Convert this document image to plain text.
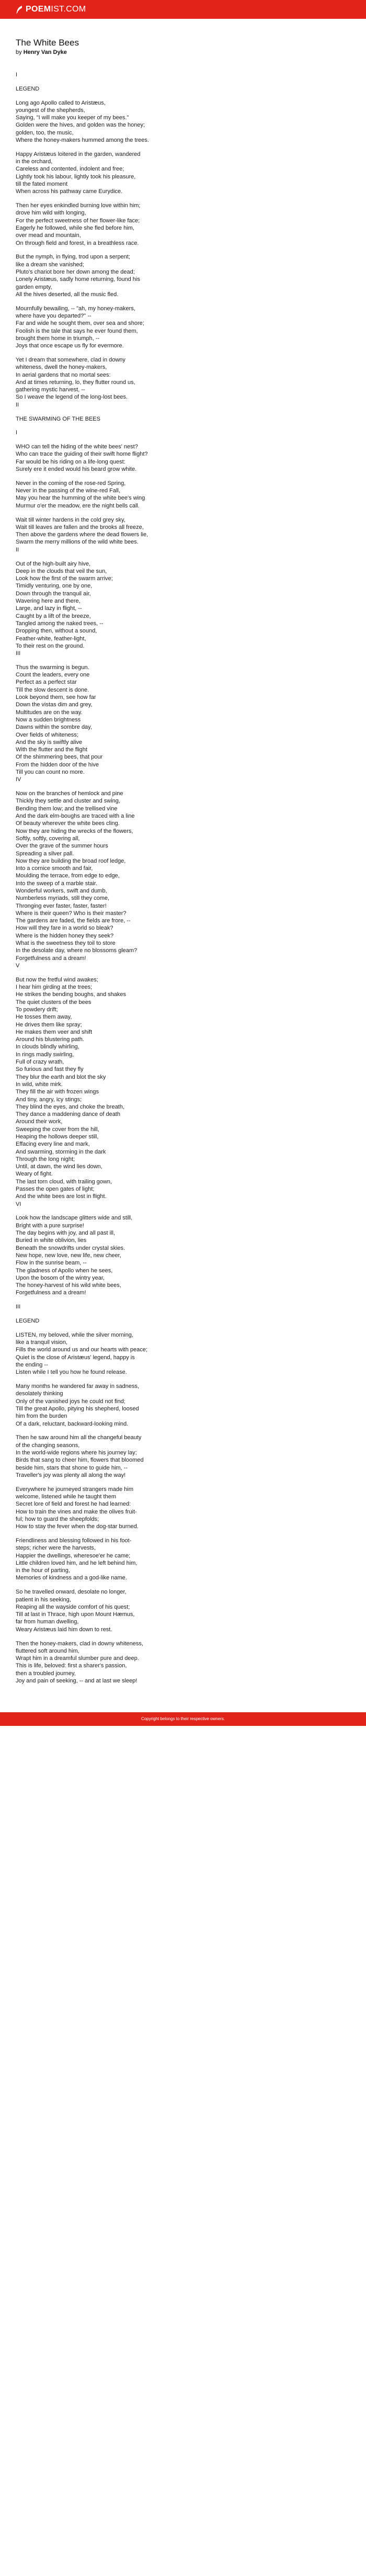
POEM IST.COM
The White Bees

by Henry Van Dyke

I

LEGEND

Long ago Apollo called to Aristæus,
youngest of the shepherds,
Saying, "I will make you keeper of my bees."
Golden were the hives, and golden was the honey;
golden, too, the music,
Where the honey-makers hummed among the trees.

Happy Aristæus loitered in the garden, wandered
in the orchard,
Careless and contented, indolent and free;
Lightly took his labour, lightly took his pleasure,
till the fated moment
When across his pathway came Eurydice.

Then her eyes enkindled burning love within him;
drove him wild with longing,
For the perfect sweetness of her flower-like face;
Eagerly he followed, while she fled before him,
over mead and mountain,
On through field and forest, in a breathless race.

But the nymph, in flying, trod upon a serpent;
like a dream she vanished;
Pluto's chariot bore her down among the dead;
Lonely Aristæus, sadly home returning, found his
garden empty,
All the hives deserted, all the music fled.

Mournfully bewailing, -- "ah, my honey-makers,
where have you departed?" --
Far and wide he sought them, over sea and shore;
Foolish is the tale that says he ever found them,
brought them home in triumph, --
Joys that once escape us fly for evermore.

Yet I dream that somewhere, clad in downy
whiteness, dwell the honey-makers,
In aerial gardens that no mortal sees:
And at times returning, lo, they flutter round us,
gathering mystic harvest, --
So I weave the legend of the long-lost bees.
II

THE SWARMING OF THE BEES

I

WHO can tell the hiding of the white bees' nest?
Who can trace the guiding of their swift home flight?
Far would be his riding on a life-long quest:
Surely ere it ended would his beard grow white.

Never in the coming of the rose-red Spring,
Never in the passing of the wine-red Fall,
May you hear the humming of the white bee's wing
Murmur o'er the meadow, ere the night bells call.

Wait till winter hardens in the cold grey sky,
Wait till leaves are fallen and the brooks all freeze,
Then above the gardens where the dead flowers lie,
Swarm the merry millions of the wild white bees.
II

Out of the high-built airy hive,
Deep in the clouds that veil the sun,
Look how the first of the swarm arrive;
Timidly venturing, one by one,
Down through the tranquil air,
Wavering here and there,
Large, and lazy in flight, --
Caught by a lift of the breeze,
Tangled among the naked trees, --
Dropping then, without a sound,
Feather-white, feather-light,
To their rest on the ground.
III

Thus the swarming is begun.
Count the leaders, every one
Perfect as a perfect star
Till the slow descent is done.
Look beyond them, see how far
Down the vistas dim and grey,
Multitudes are on the way.
Now a sudden brightness
Dawns within the sombre day,
Over fields of whiteness;
And the sky is swiftly alive
With the flutter and the flight
Of the shimmering bees, that pour
From the hidden door of the hive
Till you can count no more.
IV

Now on the branches of hemlock and pine
Thickly they settle and cluster and swing,
Bending them low; and the trellised vine
And the dark elm-boughs are traced with a line
Of beauty wherever the white bees cling.
Now they are hiding the wrecks of the flowers,
Softly, softly, covering all,
Over the grave of the summer hours
Spreading a silver pall.
Now they are building the broad roof ledge,
Into a cornice smooth and fair,
Moulding the terrace, from edge to edge,
Into the sweep of a marble stair.
Wonderful workers, swift and dumb,
Numberless myriads, still they come,
Thronging ever faster, faster, faster!
Where is their queen? Who is their master?
The gardens are faded, the fields are frore, --
How will they fare in a world so bleak?
Where is the hidden honey they seek?
What is the sweetness they toil to store
In the desolate day, where no blossoms gleam?
Forgetfulness and a dream!
V

But now the fretful wind awakes;
I hear him girding at the trees;
He strikes the bending boughs, and shakes
The quiet clusters of the bees
To powdery drift;
He tosses them away,
He drives them like spray;
He makes them veer and shift
Around his blustering path.
In clouds blindly whirling,
In rings madly swirling,
Full of crazy wrath,
So furious and fast they fly
They blur the earth and blot the sky
In wild, white mirk.
They fill the air with frozen wings
And tiny, angry, icy stings;
They blind the eyes, and choke the breath,
They dance a maddening dance of death
Around their work,
Sweeping the cover from the hill,
Heaping the hollows deeper still,
Effacing every line and mark,
And swarming, storming in the dark
Through the long night;
Until, at dawn, the wind lies down,
Weary of fight.
The last torn cloud, with trailing gown,
Passes the open gates of light;
And the white bees are lost in flight.
VI

Look how the landscape glitters wide and still,
Bright with a pure surprise!
The day begins with joy, and all past ill,
Buried in white oblivion, lies
Beneath the snowdrifts under crystal skies.
New hope, new love, new life, new cheer,
Flow in the sunrise beam, --
The gladness of Apollo when he sees,
Upon the bosom of the wintry year,
The honey-harvest of his wild white bees,
Forgetfulness and a dream!

III

LEGEND

LISTEN, my beloved, while the silver morning,
like a tranquil vision,
Fills the world around us and our hearts with peace;
Quiet is the close of Aristæus' legend, happy is
the ending --
Listen while I tell you how he found release.

Many months he wandered far away in sadness,
desolately thinking
Only of the vanished joys he could not find;
Till the great Apollo, pitying his shepherd, loosed
him from the burden
Of a dark, reluctant, backward-looking mind.

Then he saw around him all the changeful beauty
of the changing seasons,
In the world-wide regions where his journey lay;
Birds that sang to cheer him, flowers that bloomed
beside him, stars that shone to guide him, --
Traveller's joy was plenty all along the way!

Everywhere he journeyed strangers made him
welcome, listened while he taught them
Secret lore of field and forest he had learned:
How to train the vines and make the olives fruit-
ful; how to guard the sheepfolds;
How to stay the fever when the dog-star burned.

Friendliness and blessing followed in his foot-
steps; richer were the harvests,
Happier the dwellings, wheresoe'er he came;
Little children loved him, and he left behind him,
in the hour of parting,
Memories of kindness and a god-like name.

So he travelled onward, desolate no longer,
patient in his seeking,
Reaping all the wayside comfort of his quest;
Till at last in Thrace, high upon Mount Hæmus,
far from human dwelling,
Weary Aristæus laid him down to rest.

Then the honey-makers, clad in downy whiteness,
fluttered soft around him,
Wrapt him in a dreamful slumber pure and deep.
This is life, beloved: first a sharer's passion,
then a troubled journey,
Joy and pain of seeking, -- and at last we sleep!

Copyright belongs to their respective owners.
